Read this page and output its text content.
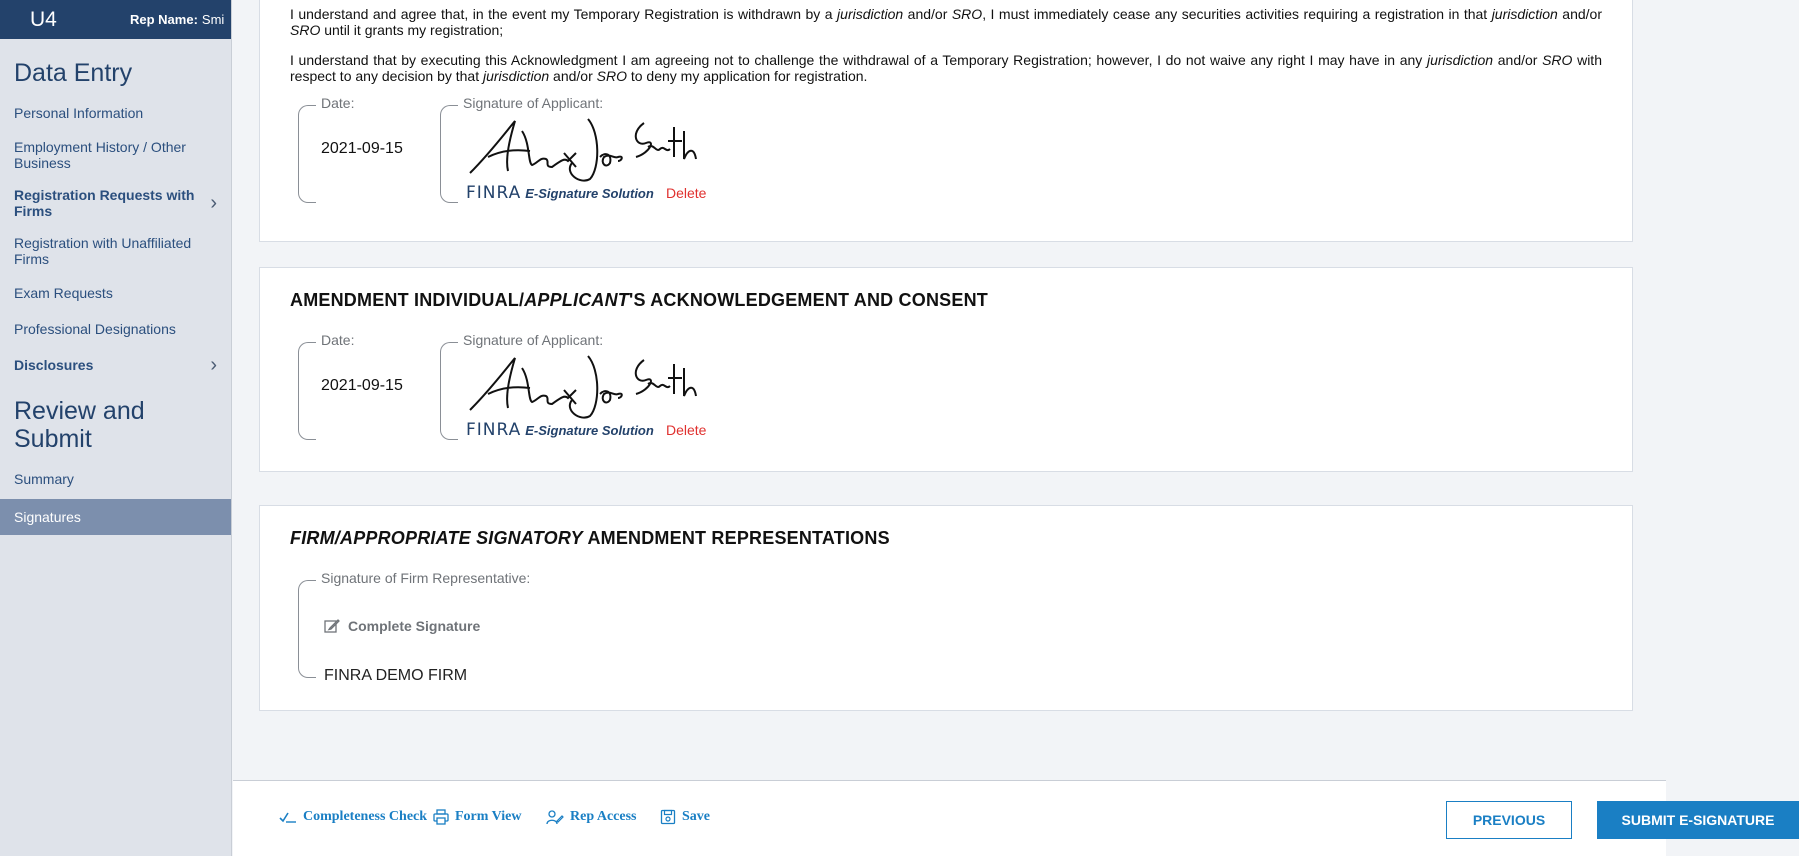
U4	Rep Name: Smi
Data Entry
Personal Information
Employment History / Other Business
Registration Requests with Firms	›
Registration with Unaffiliated Firms
Exam Requests
Professional Designations
Disclosures	›
Review and Submit
Summary
Signatures

I understand and agree that, in the event my Temporary Registration is withdrawn by a jurisdiction and/or SRO, I must immediately cease any securities activities requiring a registration in that jurisdiction and/or SRO until it grants my registration;

I understand that by executing this Acknowledgment I am agreeing not to challenge the withdrawal of a Temporary Registration; however, I do not waive any right I may have in any jurisdiction and/or SRO with respect to any decision by that jurisdiction and/or SRO to deny my application for registration.

Date:
2021-09-15
Signature of Applicant:
FINRA E-Signature Solution Delete
AMENDMENT INDIVIDUAL/APPLICANT'S ACKNOWLEDGEMENT AND CONSENT
Date:
2021-09-15
Signature of Applicant:
FINRA E-Signature Solution Delete
FIRM/APPROPRIATE SIGNATORY AMENDMENT REPRESENTATIONS
Signature of Firm Representative:
Complete Signature
FINRA DEMO FIRM
Completeness Check Form View	Rep Access	Save	PREVIOUS	SUBMIT E-SIGNATURE
